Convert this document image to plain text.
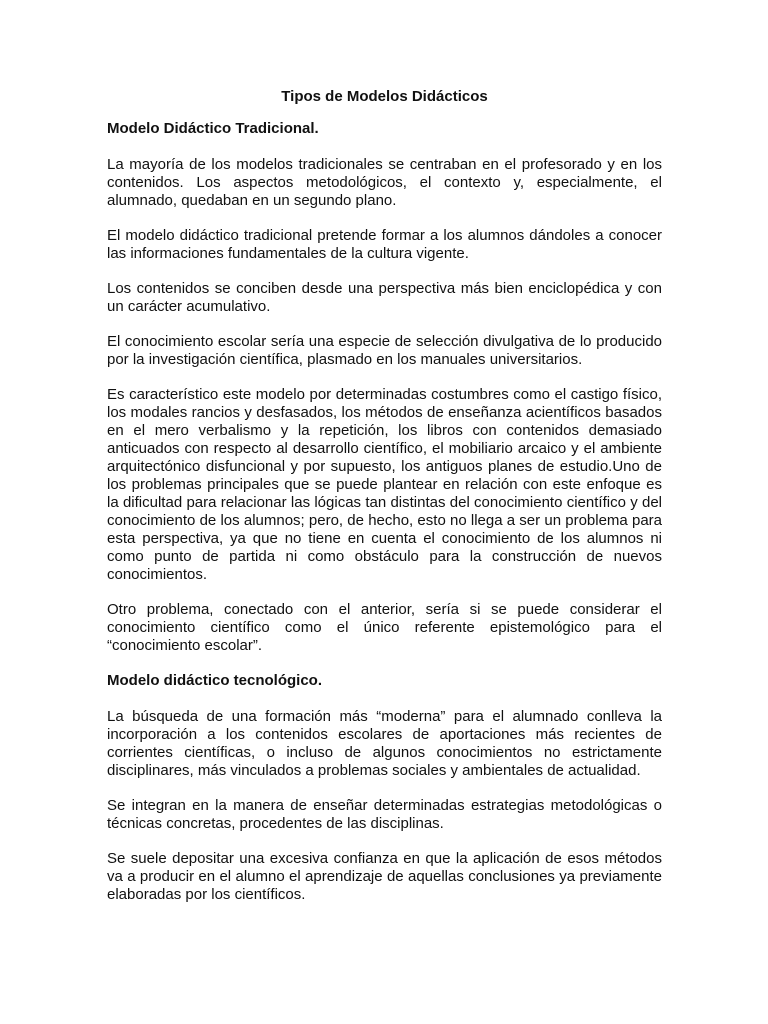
Tipos de Modelos Didácticos
Modelo Didáctico Tradicional.

La mayoría de los modelos tradicionales se centraban en el profesorado y en los contenidos. Los aspectos metodológicos, el contexto y, especialmente, el alumnado, quedaban en un segundo plano.

El modelo didáctico tradicional pretende formar a los alumnos dándoles a conocer las informaciones fundamentales de la cultura vigente.

Los contenidos se conciben desde una perspectiva más bien enciclopédica y con un carácter acumulativo.

El conocimiento escolar sería una especie de selección divulgativa de lo producido por la investigación científica, plasmado en los manuales universitarios.

Es característico este modelo por determinadas costumbres como el castigo físico, los modales rancios y desfasados, los métodos de enseñanza acientíficos basados en el mero verbalismo y la repetición, los libros con contenidos demasiado anticuados con respecto al desarrollo científico, el mobiliario arcaico y el ambiente arquitectónico disfuncional y por supuesto, los antiguos planes de estudio.Uno de los problemas principales que se puede plantear en relación con este enfoque es la dificultad para relacionar las lógicas tan distintas del conocimiento científico y del conocimiento de los alumnos; pero, de hecho, esto no llega a ser un problema para esta perspectiva, ya que no tiene en cuenta el conocimiento de los alumnos ni como punto de partida ni como obstáculo para la construcción de nuevos conocimientos.

Otro problema, conectado con el anterior, sería si se puede considerar el conocimiento científico como el único referente epistemológico para el “conocimiento escolar”.

Modelo didáctico tecnológico.

La búsqueda de una formación más “moderna” para el alumnado conlleva la incorporación a los contenidos escolares de aportaciones más recientes de corrientes científicas, o incluso de algunos conocimientos no estrictamente disciplinares, más vinculados a problemas sociales y ambientales de actualidad.

Se integran en la manera de enseñar determinadas estrategias metodológicas o técnicas concretas, procedentes de las disciplinas.

Se suele depositar una excesiva confianza en que la aplicación de esos métodos va a producir en el alumno el aprendizaje de aquellas conclusiones ya previamente elaboradas por los científicos.
